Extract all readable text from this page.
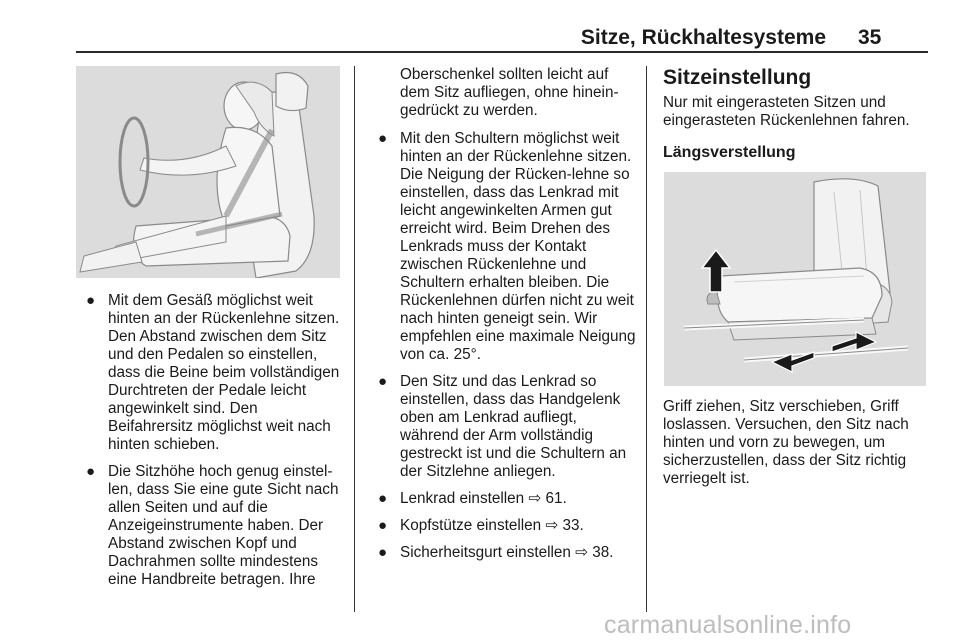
Sitze, Rückhaltesysteme 35
● Mit dem Gesäß möglichst weit hinten an der Rückenlehne sitzen. Den Abstand zwischen dem Sitz und den Pedalen so einstellen, dass die Beine beim vollständigen Durchtreten der Pedale leicht angewinkelt sind. Den Beifahrersitz möglichst weit nach hinten schieben.
● Die Sitzhöhe hoch genug einstel-len, dass Sie eine gute Sicht nach allen Seiten und auf die Anzeigeinstrumente haben. Der Abstand zwischen Kopf und Dachrahmen sollte mindestens eine Handbreite betragen. Ihre

Oberschenkel sollten leicht auf dem Sitz aufliegen, ohne hinein-gedrückt zu werden.

● Mit den Schultern möglichst weit hinten an der Rückenlehne sitzen. Die Neigung der Rücken-lehne so einstellen, dass das Lenkrad mit leicht angewinkelten Armen gut erreicht wird. Beim Drehen des Lenkrads muss der Kontakt zwischen Rückenlehne und Schultern erhalten bleiben. Die Rückenlehnen dürfen nicht zu weit nach hinten geneigt sein. Wir empfehlen eine maximale Neigung von ca. 25°.
● Den Sitz und das Lenkrad so einstellen, dass das Handgelenk oben am Lenkrad aufliegt, während der Arm vollständig gestreckt ist und die Schultern an der Sitzlehne anliegen.
● Lenkrad einstellen ⇨ 61.
● Kopfstütze einstellen ⇨ 33.
● Sicherheitsgurt einstellen ⇨ 38.
Sitzeinstellung

Nur mit eingerasteten Sitzen und eingerasteten Rückenlehnen fahren.

Längsverstellung

Griff ziehen, Sitz verschieben, Griff loslassen. Versuchen, den Sitz nach hinten und vorn zu bewegen, um sicherzustellen, dass der Sitz richtig verriegelt ist.

carmanualsonline.info
